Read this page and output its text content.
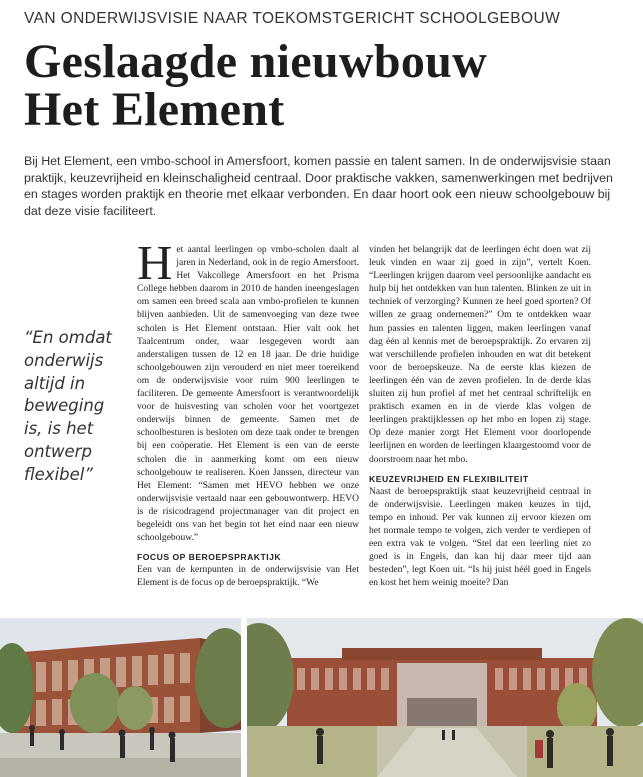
VAN ONDERWIJSVISIE NAAR TOEKOMSTGERICHT SCHOOLGEBOUW
Geslaagde nieuwbouw
Het Element
Bij Het Element, een vmbo-school in Amersfoort, komen passie en talent samen. In de onderwijsvisie staan praktijk, keuzevrijheid en kleinschaligheid centraal. Door praktische vakken, samenwerkingen met bedrijven en stages worden praktijk en theorie met elkaar verbonden. En daar hoort ook een nieuw schoolgebouw bij dat deze visie faciliteert.
“En omdat onderwijs altijd in beweging is, is het ontwerp flexibel”
H et aantal leerlingen op vmbo-scholen daalt al jaren in Nederland, ook in de regio Amersfoort. Het Vakcollege Amersfoort en het Prisma College hebben daarom in 2010 de handen ineengeslagen om samen een breed scala aan vmbo-profielen te kunnen blijven aanbieden. Uit de samenvoeging van deze twee scholen is Het Element ontstaan. Hier valt ook het Taalcentrum onder, waar lesgegeven wordt aan anderstaligen tussen de 12 en 18 jaar. De drie huidige schoolgebouwen zijn verouderd en niet meer toereikend om de onderwijsvisie voor ruim 900 leerlingen te faciliteren. De gemeente Amersfoort is verantwoordelijk voor de huisvesting van scholen voor het voortgezet onderwijs binnen de gemeente. Samen met de schoolbesturen is besloten om deze taak onder te brengen bij een coöperatie. Het Element is een van de eerste scholen die in aanmerking komt om een nieuw schoolgebouw te realiseren. Koen Janssen, directeur van Het Element: “Samen met HEVO hebben we onze onderwijsvisie vertaald naar een gebouwontwerp. HEVO is de risicodragend projectmanager van dit project en begeleidt ons van het begin tot het eind naar een nieuw schoolgebouw.”

FOCUS OP BEROEPSPRAKTIJK

Een van de kernpunten in de onderwijsvisie van Het Element is de focus op de beroepspraktijk. “We

vinden het belangrijk dat de leerlingen écht doen wat zij leuk vinden en waar zij goed in zijn”, vertelt Koen. “Leerlingen krijgen daarom veel persoonlijke aandacht en hulp bij het ontdekken van hun talenten. Blinken ze uit in techniek of verzorging? Kunnen ze heel goed sporten? Of willen ze graag ondernemen?” Om te ontdekken waar hun passies en talenten liggen, maken leerlingen vanaf dag één al kennis met de beroepspraktijk. Zo ervaren zij wat verschillende profielen inhouden en wat dit betekent voor de beroepskeuze. Na de eerste klas kiezen de leerlingen één van de zeven profielen. In de derde klas sluiten zij hun profiel af met het centraal schriftelijk en praktisch examen en in de vierde klas volgen de leerlingen praktijklessen op het mbo en lopen zij stage. Op deze manier zorgt Het Element voor doorlopende leerlijnen en worden de leerlingen klaargestoomd voor de doorstroom naar het mbo.

KEUZEVRIJHEID EN FLEXIBILITEIT

Naast de beroepspraktijk staat keuzevrijheid centraal in de onderwijsvisie. Leerlingen maken keuzes in tijd, tempo en inhoud. Per vak kunnen zij ervoor kiezen om het normale tempo te volgen, zich verder te verdiepen of een extra vak te volgen. “Stel dat een leerling niet zo goed is in Engels, dan kan hij daar meer tijd aan besteden”, legt Koen uit. “Is hij juist héél goed in Engels en kost het hem weinig moeite? Dan
